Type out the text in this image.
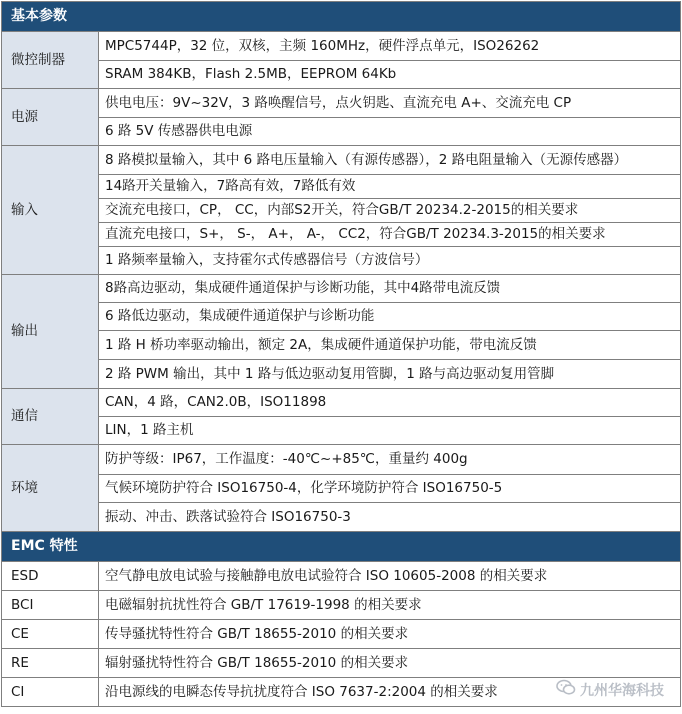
基本参数	
微控制器	MPC5744P，32 位，双核，主频 160MHz，硬件浮点单元，ISO26262
	SRAM 384KB，Flash 2.5MB，EEPROM 64Kb
电源	供电电压：9V~32V，3 路唤醒信号，点火钥匙、直流充电 A+、交流充电 CP
	6 路 5V 传感器供电电源
输入	8 路模拟量输入，其中 6 路电压量输入（有源传感器），2 路电阻量输入（无源传感器）
	14路开关量输入，7路高有效，7路低有效
	交流充电接口，CP， CC，内部S2开关，符合GB/T 20234.2-2015的相关要求
	直流充电接口，S+， S-， A+， A-， CC2，符合GB/T 20234.3-2015的相关要求
	1 路频率量输入，支持霍尔式传感器信号（方波信号）
输出	8路高边驱动，集成硬件通道保护与诊断功能，其中4路带电流反馈
	6 路低边驱动，集成硬件通道保护与诊断功能
	1 路 H 桥功率驱动输出，额定 2A，集成硬件通道保护功能，带电流反馈
	2 路 PWM 输出，其中 1 路与低边驱动复用管脚，1 路与高边驱动复用管脚
通信	CAN，4 路，CAN2.0B，ISO11898
	LIN，1 路主机
环境	防护等级：IP67，工作温度：-40℃~+85℃，重量约 400g
	气候环境防护符合 ISO16750-4，化学环境防护符合 ISO16750-5
	振动、冲击、跌落试验符合 ISO16750-3
EMC 特性	
ESD	空气静电放电试验与接触静电放电试验符合 ISO 10605-2008 的相关要求
BCI	电磁辐射抗扰性符合 GB/T 17619-1998 的相关要求
CE	传导骚扰特性符合 GB/T 18655-2010 的相关要求
RE	辐射骚扰特性符合 GB/T 18655-2010 的相关要求
CI	沿电源线的电瞬态传导抗扰度符合 ISO 7637-2:2004 的相关要求	九州华海科技
